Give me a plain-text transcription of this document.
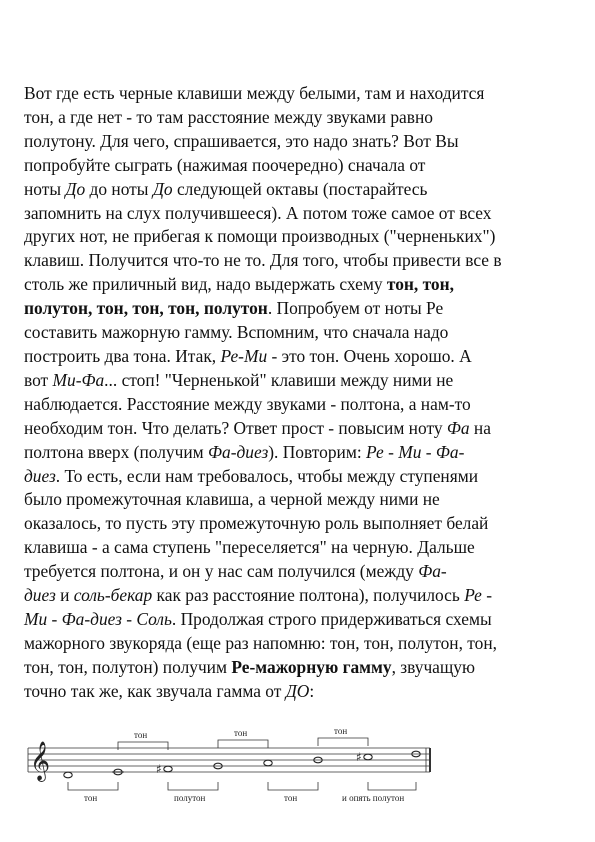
Вот где есть черные клавиши между белыми, там и находится
тон, а где нет - то там расстояние между звуками равно
полутону. Для чего, спрашивается, это надо знать? Вот Вы
попробуйте сыграть (нажимая поочередно) сначала от
ноты До до ноты До следующей октавы (постарайтесь
запомнить на слух получившееся). А потом тоже самое от всех
других нот, не прибегая к помощи производных ("черненьких")
клавиш. Получится что-то не то. Для того, чтобы привести все в
столь же приличный вид, надо выдержать схему тон, тон,
полутон, тон, тон, тон, полутон. Попробуем от ноты Ре
составить мажорную гамму. Вспомним, что сначала надо
построить два тона. Итак, Ре-Ми - это тон. Очень хорошо. А
вот Ми-Фа... стоп! "Черненькой" клавиши между ними не
наблюдается. Расстояние между звуками - полтона, а нам-то
необходим тон. Что делать? Ответ прост - повысим ноту Фа на
полтона вверх (получим Фа-диез). Повторим: Ре - Ми - Фа-
диез. То есть, если нам требовалось, чтобы между ступенями
было промежуточная клавиша, а черной между ними не
оказалось, то пусть эту промежуточную роль выполняет белай
клавиша - а сама ступень "переселяется" на черную. Дальше
требуется полтона, и он у нас сам получился (между Фа-
диез и соль-бекар как раз расстояние полтона), получилось Ре -
Ми - Фа-диез - Соль. Продолжая строго придерживаться схемы
мажорного звукоряда (еще раз напомню: тон, тон, полутон, тон,
тон, тон, полутон) получим Ре-мажорную гамму, звучащую
точно так же, как звучала гамма от ДО:
𝄞	♯
♯
тон	тон	тон
тон	полутон	тон	и опять полутон
